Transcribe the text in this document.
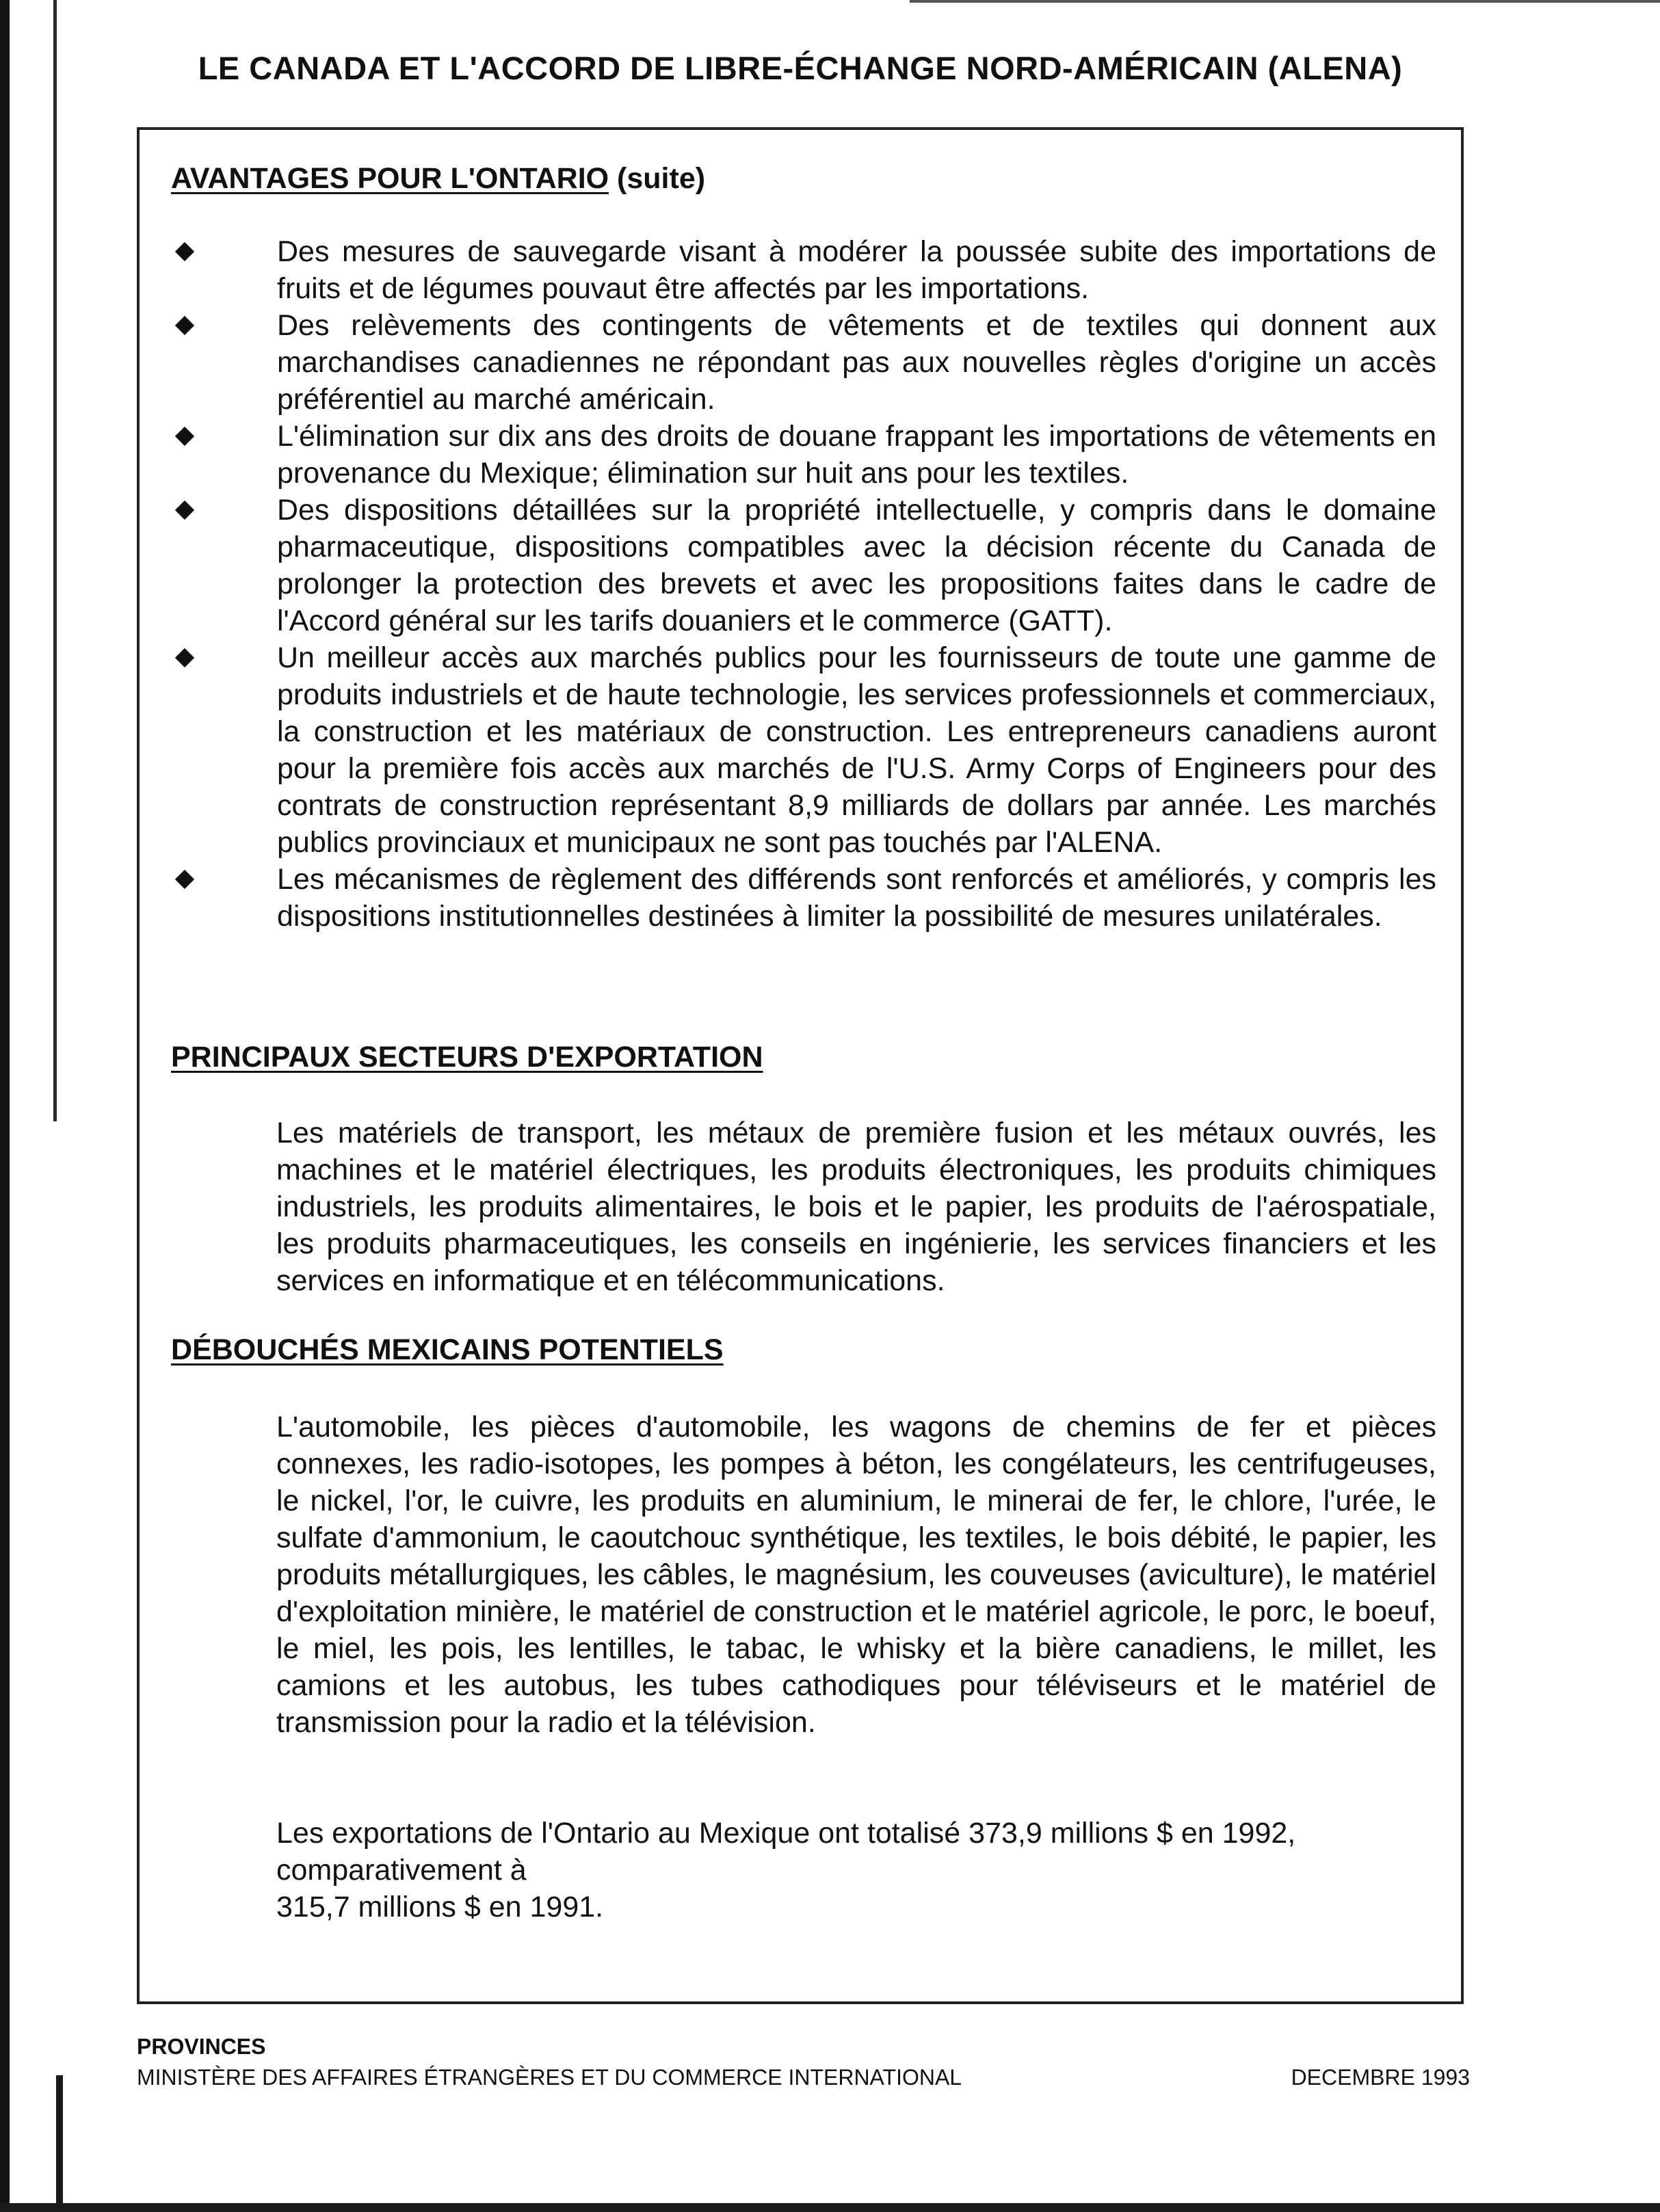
LE CANADA ET L'ACCORD DE LIBRE-ÉCHANGE NORD-AMÉRICAIN (ALENA)
AVANTAGES POUR L'ONTARIO (suite)
Des mesures de sauvegarde visant à modérer la poussée subite des importations de fruits et de légumes pouvaut être affectés par les importations.
Des relèvements des contingents de vêtements et de textiles qui donnent aux marchandises canadiennes ne répondant pas aux nouvelles règles d'origine un accès préférentiel au marché américain.
L'élimination sur dix ans des droits de douane frappant les importations de vêtements en provenance du Mexique; élimination sur huit ans pour les textiles.
Des dispositions détaillées sur la propriété intellectuelle, y compris dans le domaine pharmaceutique, dispositions compatibles avec la décision récente du Canada de prolonger la protection des brevets et avec les propositions faites dans le cadre de l'Accord général sur les tarifs douaniers et le commerce (GATT).
Un meilleur accès aux marchés publics pour les fournisseurs de toute une gamme de produits industriels et de haute technologie, les services professionnels et commerciaux, la construction et les matériaux de construction. Les entrepreneurs canadiens auront pour la première fois accès aux marchés de l'U.S. Army Corps of Engineers pour des contrats de construction représentant 8,9 milliards de dollars par année. Les marchés publics provinciaux et municipaux ne sont pas touchés par l'ALENA.
Les mécanismes de règlement des différends sont renforcés et améliorés, y compris les dispositions institutionnelles destinées à limiter la possibilité de mesures unilatérales.
PRINCIPAUX SECTEURS D'EXPORTATION

Les matériels de transport, les métaux de première fusion et les métaux ouvrés, les machines et le matériel électriques, les produits électroniques, les produits chimiques industriels, les produits alimentaires, le bois et le papier, les produits de l'aérospatiale, les produits pharmaceutiques, les conseils en ingénierie, les services financiers et les services en informatique et en télécommunications.

DÉBOUCHÉS MEXICAINS POTENTIELS

L'automobile, les pièces d'automobile, les wagons de chemins de fer et pièces connexes, les radio-isotopes, les pompes à béton, les congélateurs, les centrifugeuses, le nickel, l'or, le cuivre, les produits en aluminium, le minerai de fer, le chlore, l'urée, le sulfate d'ammonium, le caoutchouc synthétique, les textiles, le bois débité, le papier, les produits métallurgiques, les câbles, le magnésium, les couveuses (aviculture), le matériel d'exploitation minière, le matériel de construction et le matériel agricole, le porc, le boeuf, le miel, les pois, les lentilles, le tabac, le whisky et la bière canadiens, le millet, les camions et les autobus, les tubes cathodiques pour téléviseurs et le matériel de transmission pour la radio et la télévision.

Les exportations de l'Ontario au Mexique ont totalisé 373,9 millions $ en 1992,
comparativement à
315,7 millions $ en 1991.

PROVINCES

MINISTÈRE DES AFFAIRES ÉTRANGÈRES ET DU COMMERCE INTERNATIONAL	DECEMBRE 1993
